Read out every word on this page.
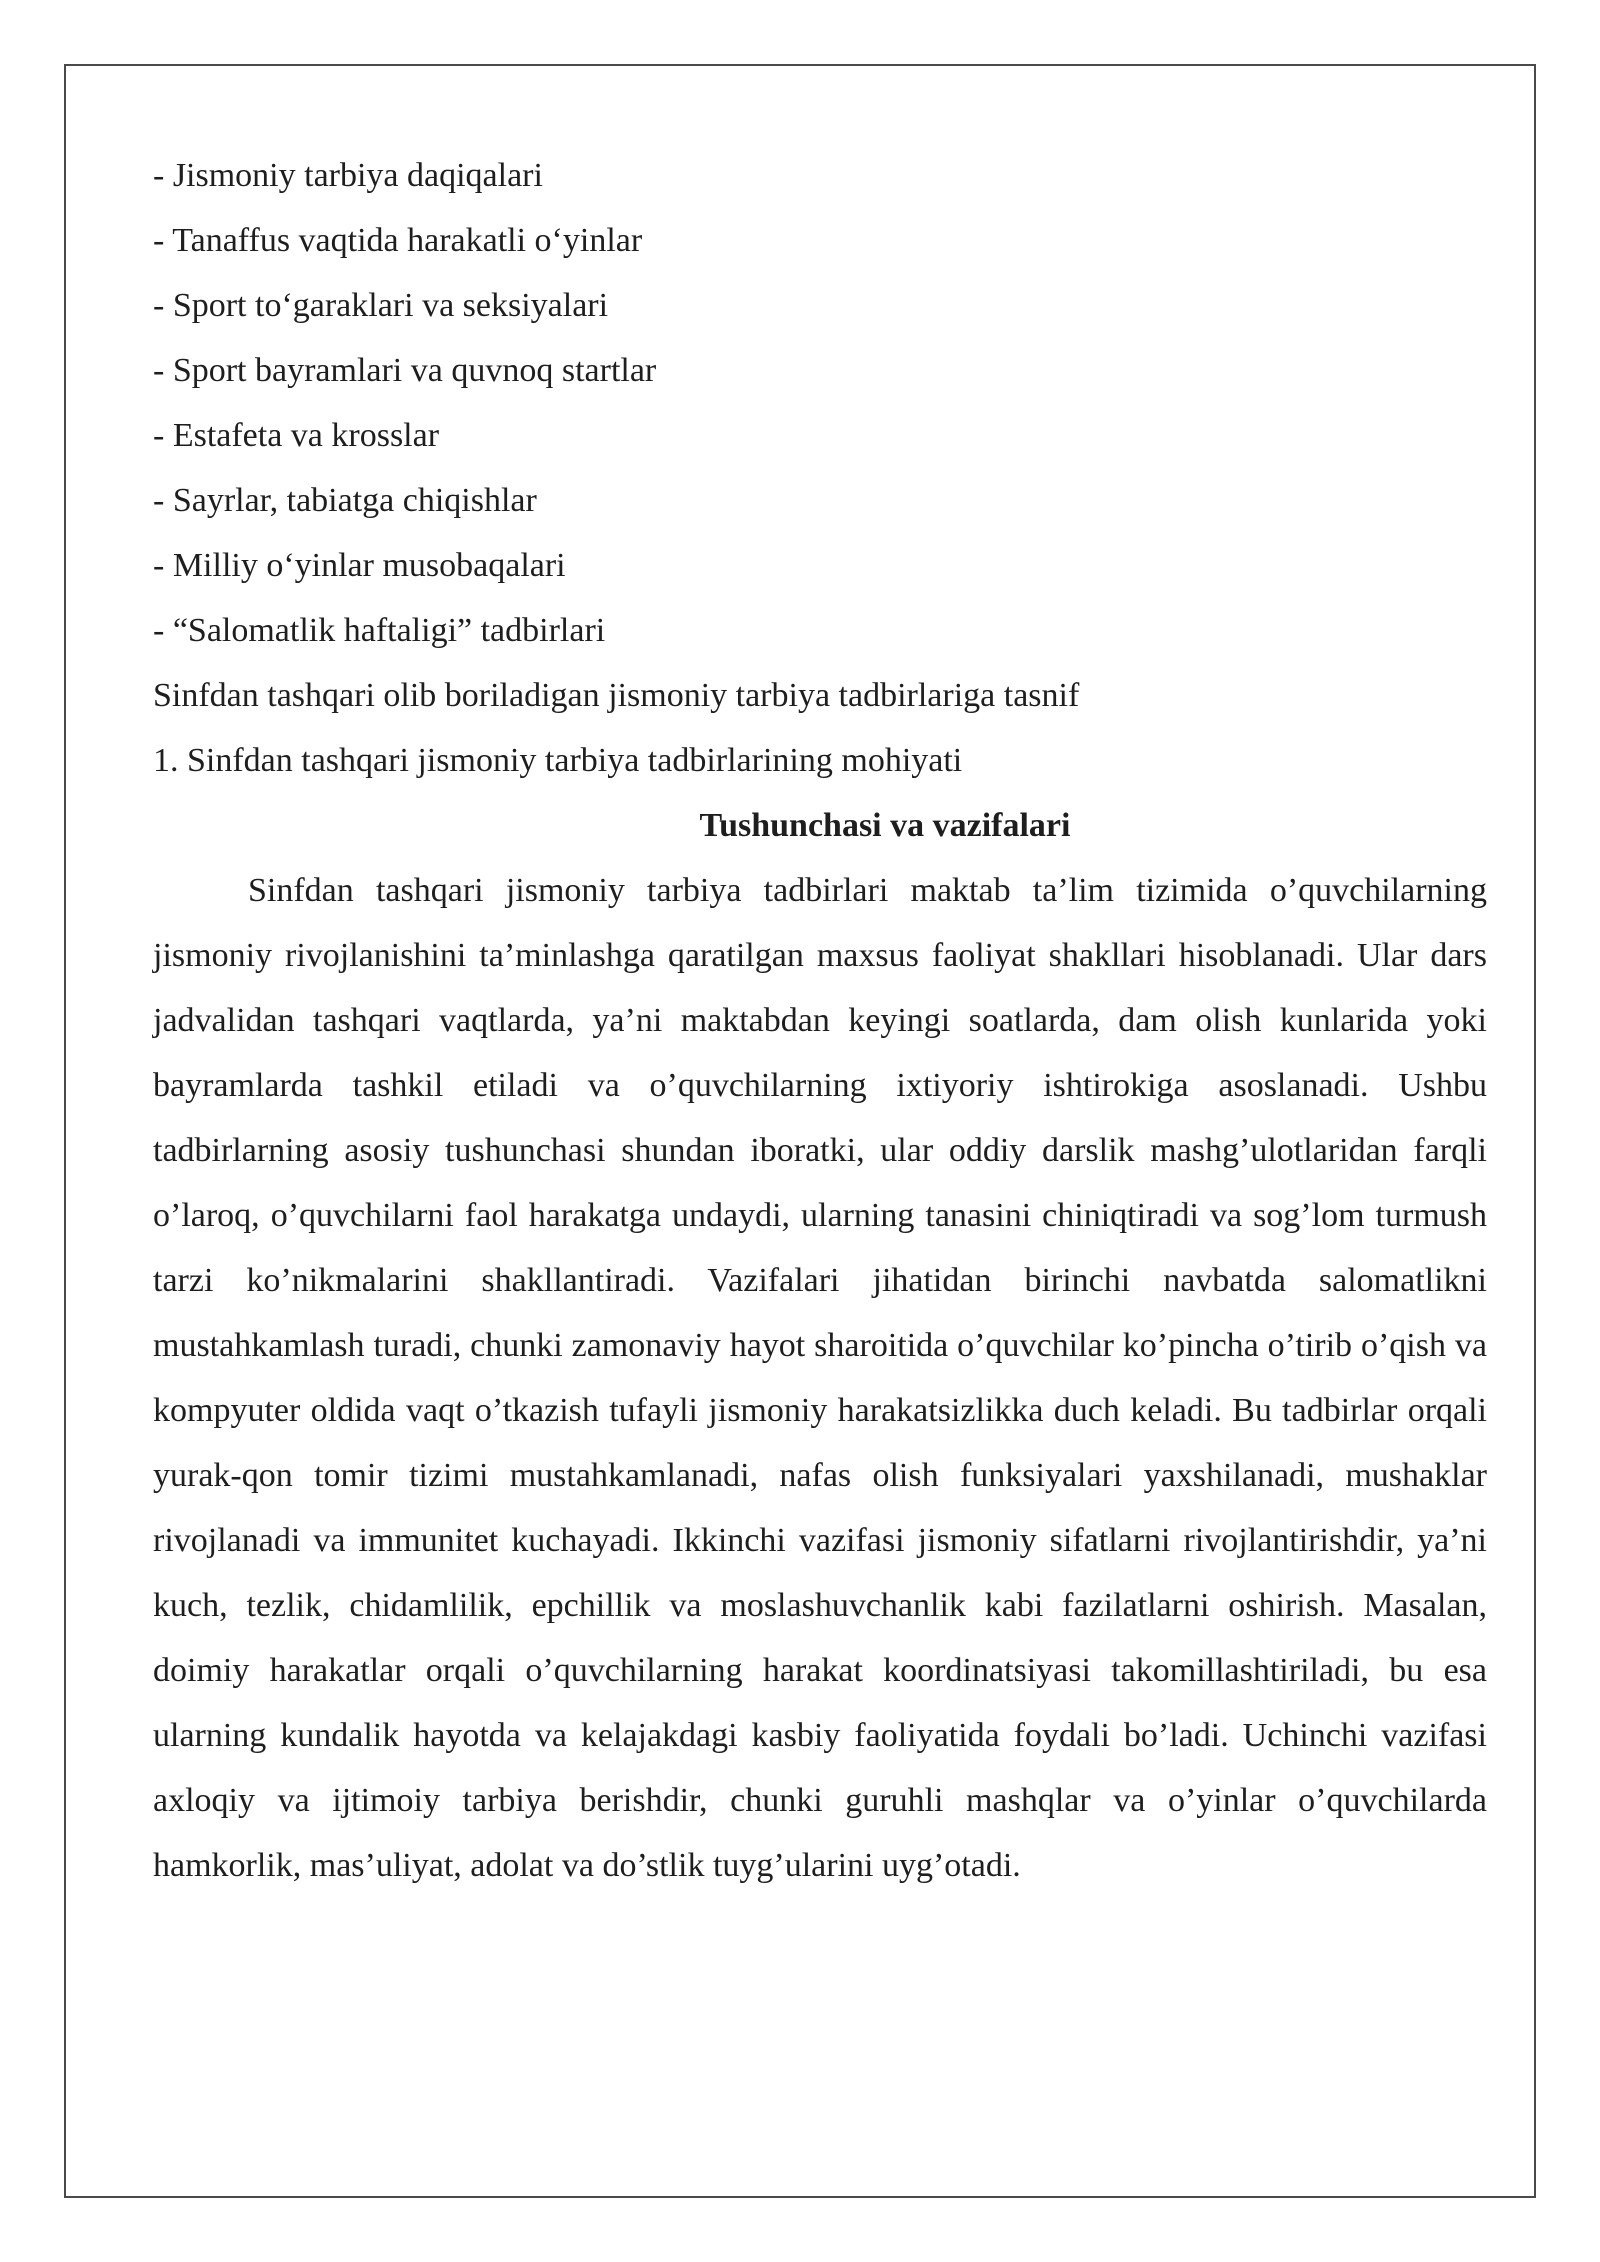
- Jismoniy tarbiya daqiqalari
- Tanaffus vaqtida harakatli o‘yinlar
- Sport to‘garaklari va seksiyalari
- Sport bayramlari va quvnoq startlar
- Estafeta va krosslar
- Sayrlar, tabiatga chiqishlar
- Milliy o‘yinlar musobaqalari
- “Salomatlik haftaligi” tadbirlari
Sinfdan tashqari olib boriladigan jismoniy tarbiya tadbirlariga tasnif
1. Sinfdan tashqari jismoniy tarbiya tadbirlarining mohiyati
Tushunchasi va vazifalari

Sinfdan tashqari jismoniy tarbiya tadbirlari maktab ta’lim tizimida o’quvchilarning jismoniy rivojlanishini ta’minlashga qaratilgan maxsus faoliyat shakllari hisoblanadi. Ular dars jadvalidan tashqari vaqtlarda, ya’ni maktabdan keyingi soatlarda, dam olish kunlarida yoki bayramlarda tashkil etiladi va o’quvchilarning ixtiyoriy ishtirokiga asoslanadi. Ushbu tadbirlarning asosiy tushunchasi shundan iboratki, ular oddiy darslik mashg’ulotlaridan farqli o’laroq, o’quvchilarni faol harakatga undaydi, ularning tanasini chiniqtiradi va sog’lom turmush tarzi ko’nikmalarini shakllantiradi. Vazifalari jihatidan birinchi navbatda salomatlikni mustahkamlash turadi, chunki zamonaviy hayot sharoitida o’quvchilar ko’pincha o’tirib o’qish va kompyuter oldida vaqt o’tkazish tufayli jismoniy harakatsizlikka duch keladi. Bu tadbirlar orqali yurak-qon tomir tizimi mustahkamlanadi, nafas olish funksiyalari yaxshilanadi, mushaklar rivojlanadi va immunitet kuchayadi. Ikkinchi vazifasi jismoniy sifatlarni rivojlantirishdir, ya’ni kuch, tezlik, chidamlilik, epchillik va moslashuvchanlik kabi fazilatlarni oshirish. Masalan, doimiy harakatlar orqali o’quvchilarning harakat koordinatsiyasi takomillashtiriladi, bu esa ularning kundalik hayotda va kelajakdagi kasbiy faoliyatida foydali bo’ladi. Uchinchi vazifasi axloqiy va ijtimoiy tarbiya berishdir, chunki guruhli mashqlar va o’yinlar o’quvchilarda hamkorlik, mas’uliyat, adolat va do’stlik tuyg’ularini uyg’otadi.
